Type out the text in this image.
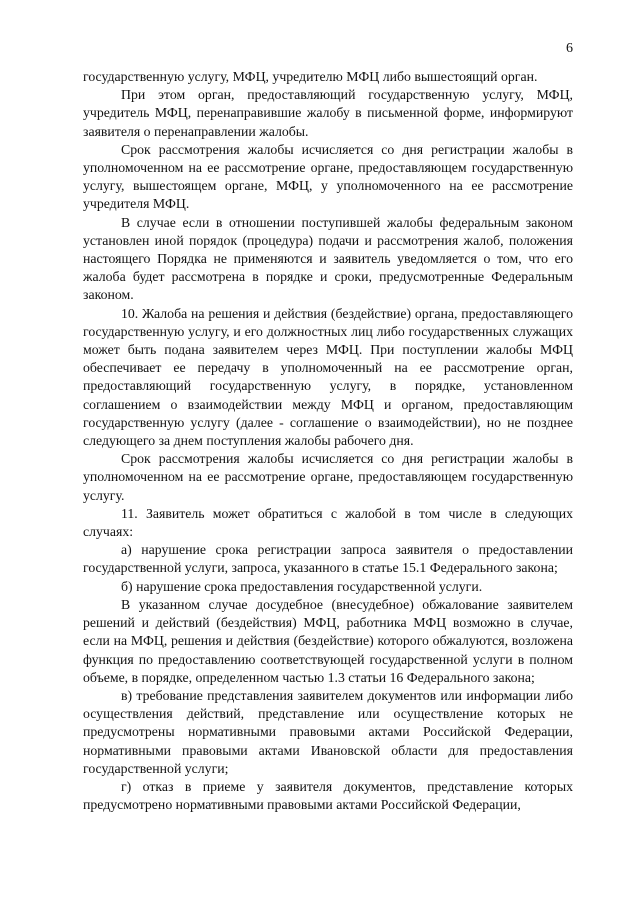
6

государственную услугу, МФЦ, учредителю МФЦ либо вышестоящий орган.

При этом орган, предоставляющий государственную услугу, МФЦ, учредитель МФЦ, перенаправившие жалобу в письменной форме, информируют заявителя о перенаправлении жалобы.

Срок рассмотрения жалобы исчисляется со дня регистрации жалобы в уполномоченном на ее рассмотрение органе, предоставляющем государственную услугу, вышестоящем органе, МФЦ, у уполномоченного на ее рассмотрение учредителя МФЦ.

В случае если в отношении поступившей жалобы федеральным законом установлен иной порядок (процедура) подачи и рассмотрения жалоб, положения настоящего Порядка не применяются и заявитель уведомляется о том, что его жалоба будет рассмотрена в порядке и сроки, предусмотренные Федеральным законом.

10. Жалоба на решения и действия (бездействие) органа, предоставляющего государственную услугу, и его должностных лиц либо государственных служащих может быть подана заявителем через МФЦ. При поступлении жалобы МФЦ обеспечивает ее передачу в уполномоченный на ее рассмотрение орган, предоставляющий государственную услугу, в порядке, установленном соглашением о взаимодействии между МФЦ и органом, предоставляющим государственную услугу (далее - соглашение о взаимодействии), но не позднее следующего за днем поступления жалобы рабочего дня.

Срок рассмотрения жалобы исчисляется со дня регистрации жалобы в уполномоченном на ее рассмотрение органе, предоставляющем государственную услугу.

11. Заявитель может обратиться с жалобой в том числе в следующих случаях:

а) нарушение срока регистрации запроса заявителя о предоставлении государственной услуги, запроса, указанного в статье 15.1 Федерального закона;

б) нарушение срока предоставления государственной услуги.

В указанном случае досудебное (внесудебное) обжалование заявителем решений и действий (бездействия) МФЦ, работника МФЦ возможно в случае, если на МФЦ, решения и действия (бездействие) которого обжалуются, возложена функция по предоставлению соответствующей государственной услуги в полном объеме, в порядке, определенном частью 1.3 статьи 16 Федерального закона;

в) требование представления заявителем документов или информации либо осуществления действий, представление или осуществление которых не предусмотрены нормативными правовыми актами Российской Федерации, нормативными правовыми актами Ивановской области для предоставления государственной услуги;

г) отказ в приеме у заявителя документов, представление которых предусмотрено нормативными правовыми актами Российской Федерации,
